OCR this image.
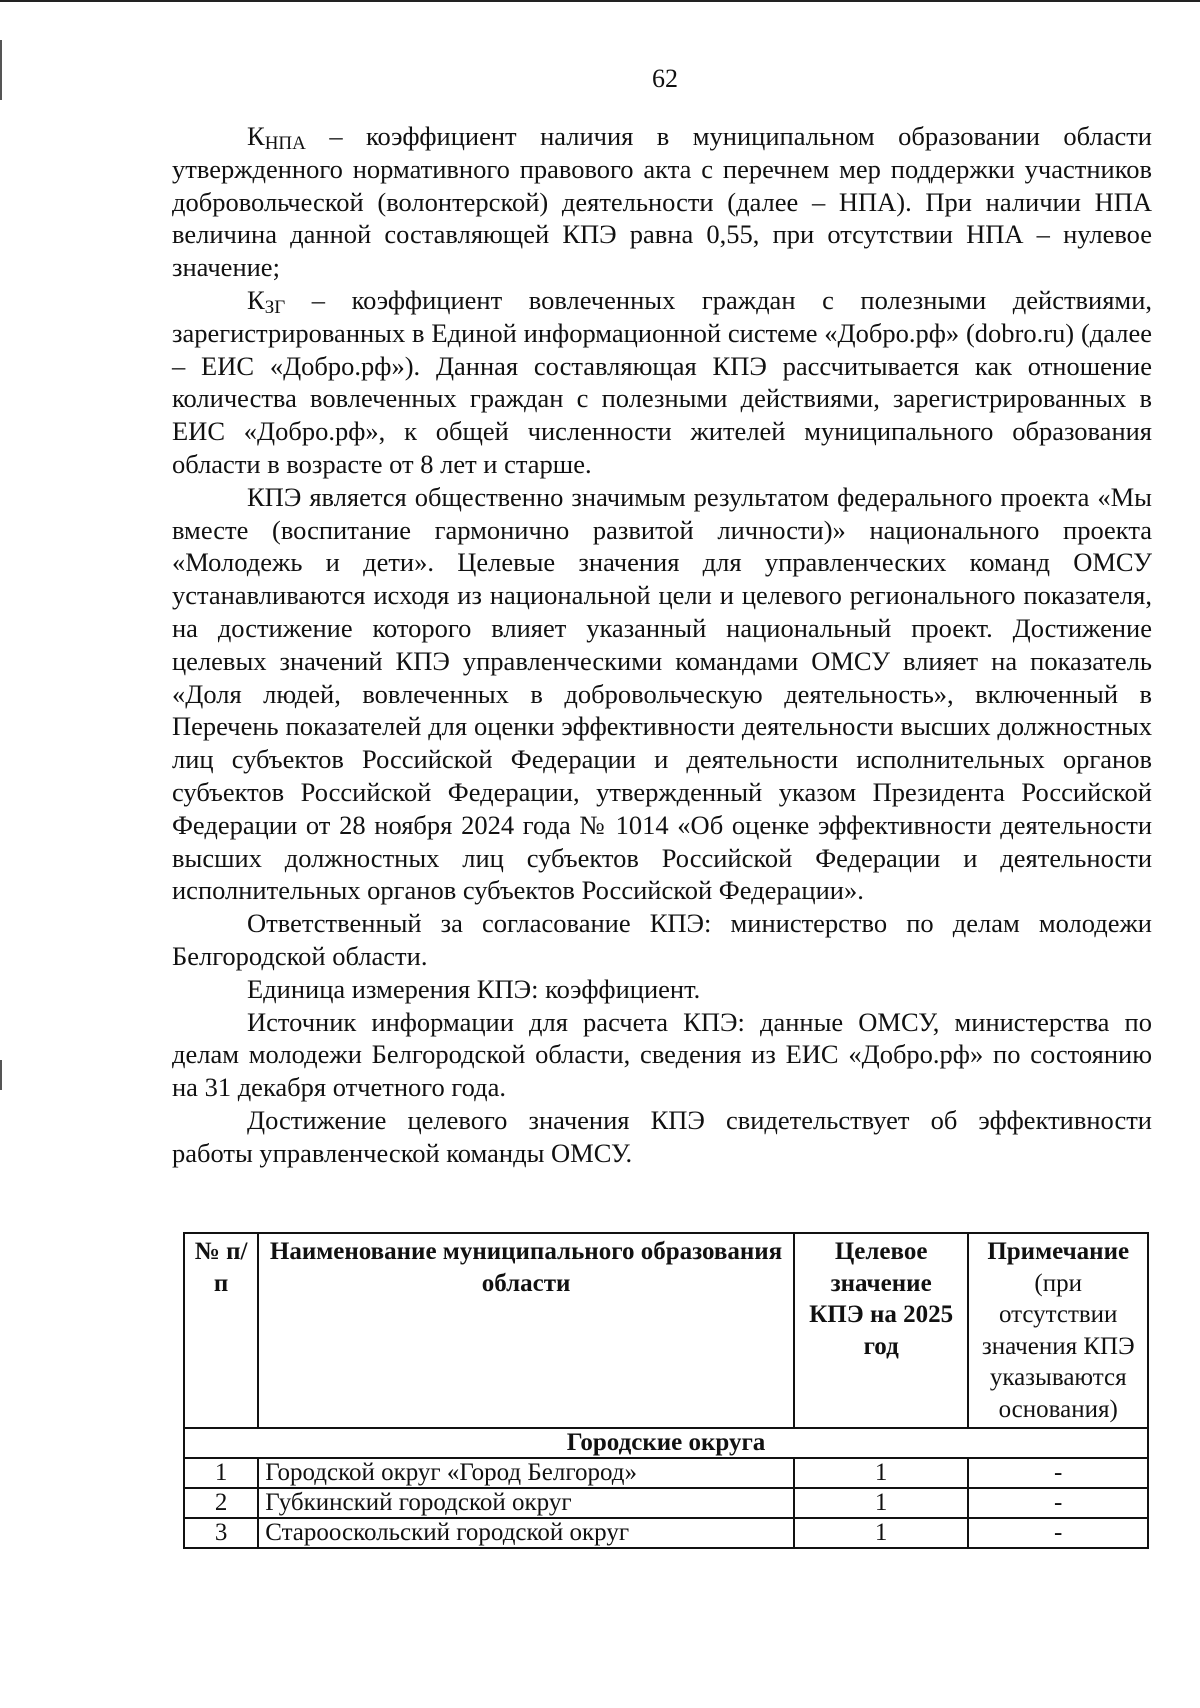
62

$К_{НПА}$ – коэффициент наличия в муниципальном образовании области утвержденного нормативного правового акта с перечнем мер поддержки участников добровольческой (волонтерской) деятельности (далее – НПА). При наличии НПА величина данной составляющей КПЭ равна 0,55, при отсутствии НПА – нулевое значение;

$К_{ЗГ}$ – коэффициент вовлеченных граждан с полезными действиями, зарегистрированных в Единой информационной системе «Добро.рф» (dobro.ru) (далее – ЕИС «Добро.рф»). Данная составляющая КПЭ рассчитывается как отношение количества вовлеченных граждан с полезными действиями, зарегистрированных в ЕИС «Добро.рф», к общей численности жителей муниципального образования области в возрасте от 8 лет и старше.

КПЭ является общественно значимым результатом федерального проекта «Мы вместе (воспитание гармонично развитой личности)» национального проекта «Молодежь и дети». Целевые значения для управленческих команд ОМСУ устанавливаются исходя из национальной цели и целевого регионального показателя, на достижение которого влияет указанный национальный проект. Достижение целевых значений КПЭ управленческими командами ОМСУ влияет на показатель «Доля людей, вовлеченных в добровольческую деятельность», включенный в Перечень показателей для оценки эффективности деятельности высших должностных лиц субъектов Российской Федерации и деятельности исполнительных органов субъектов Российской Федерации, утвержденный указом Президента Российской Федерации от 28 ноября 2024 года № 1014 «Об оценке эффективности деятельности высших должностных лиц субъектов Российской Федерации и деятельности исполнительных органов субъектов Российской Федерации».

Ответственный за согласование КПЭ: министерство по делам молодежи Белгородской области.

Единица измерения КПЭ: коэффициент.

Источник информации для расчета КПЭ: данные ОМСУ, министерства по делам молодежи Белгородской области, сведения из ЕИС «Добро.рф» по состоянию на 31 декабря отчетного года.

Достижение целевого значения КПЭ свидетельствует об эффективности работы управленческой команды ОМСУ.

№ п/п	Наименование муниципального образования области	Целевое значение КПЭ на 2025 год	Примечание
(при отсутствии значения КПЭ указываются основания)
Городские округа			
1	Городской округ «Город Белгород»	1	-
2	Губкинский городской округ	1	-
3	Старооскольский городской округ	1	-
